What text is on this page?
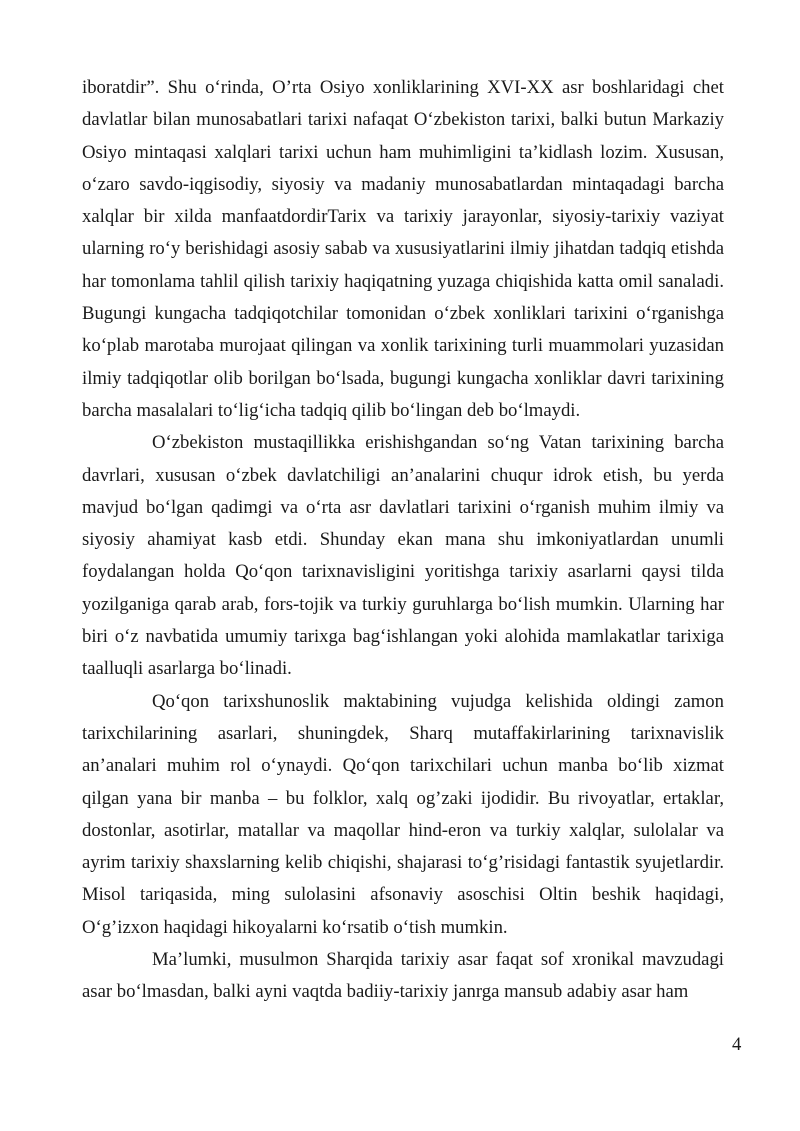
iboratdir”. Shu o‘rinda, O’rta Osiyo xonliklarining XVI-XX asr boshlaridagi chet davlatlar bilan munosabatlari tarixi nafaqat O‘zbekiston tarixi, balki butun Markaziy Osiyo mintaqasi xalqlari tarixi uchun ham muhimligini ta’kidlash lozim. Xususan, o‘zaro savdo-iqgisodiy, siyosiy va madaniy munosabatlardan mintaqadagi barcha xalqlar bir xilda manfaatdordirTarix va tarixiy jarayonlar, siyosiy-tarixiy vaziyat ularning ro‘y berishidagi asosiy sabab va xususiyatlarini ilmiy jihatdan tadqiq etishda har tomonlama tahlil qilish tarixiy haqiqatning yuzaga chiqishida katta omil sanaladi. Bugungi kungacha tadqiqotchilar tomonidan o‘zbek xonliklari tarixini o‘rganishga ko‘plab marotaba murojaat qilingan va xonlik tarixining turli muammolari yuzasidan ilmiy tadqiqotlar olib borilgan bo‘lsada, bugungi kungacha xonliklar davri tarixining barcha masalalari to‘lig‘icha tadqiq qilib bo‘lingan deb bo‘lmaydi.

O‘zbekiston mustaqillikka erishishgandan so‘ng Vatan tarixining barcha davrlari, xususan o‘zbek davlatchiligi an’analarini chuqur idrok etish, bu yerda mavjud bo‘lgan qadimgi va o‘rta asr davlatlari tarixini o‘rganish muhim ilmiy va siyosiy ahamiyat kasb etdi. Shunday ekan mana shu imkoniyatlardan unumli foydalangan holda Qo‘qon tarixnavisligini yoritishga tarixiy asarlarni qaysi tilda yozilganiga qarab arab, fors-tojik va turkiy guruhlarga bo‘lish mumkin. Ularning har biri o‘z navbatida umumiy tarixga bag‘ishlangan yoki alohida mamlakatlar tarixiga taalluqli asarlarga bo‘linadi.

Qo‘qon tarixshunoslik maktabining vujudga kelishida oldingi zamon tarixchilarining asarlari, shuningdek, Sharq mutaffakirlarining tarixnavislik an’analari muhim rol o‘ynaydi. Qo‘qon tarixchilari uchun manba bo‘lib xizmat qilgan yana bir manba – bu folklor, xalq og’zaki ijodidir. Bu rivoyatlar, ertaklar, dostonlar, asotirlar, matallar va maqollar hind-eron va turkiy xalqlar, sulolalar va ayrim tarixiy shaxslarning kelib chiqishi, shajarasi to‘g’risidagi fantastik syujetlardir. Misol tariqasida, ming sulolasini afsonaviy asoschisi Oltin beshik haqidagi, O‘g’izxon haqidagi hikoyalarni ko‘rsatib o‘tish mumkin.

Ma’lumki, musulmon Sharqida tarixiy asar faqat sof xronikal mavzudagi asar bo‘lmasdan, balki ayni vaqtda badiiy-tarixiy janrga mansub adabiy asar ham

4
